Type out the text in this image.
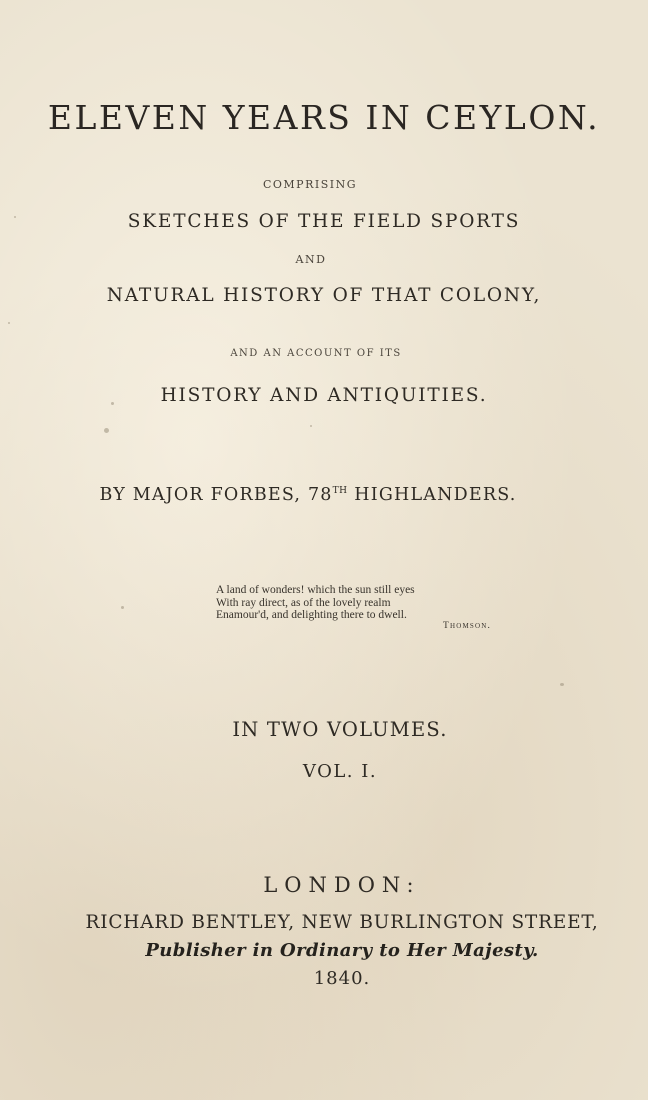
ELEVEN YEARS IN CEYLON.

COMPRISING

SKETCHES OF THE FIELD SPORTS

AND

NATURAL HISTORY OF THAT COLONY,

AND AN ACCOUNT OF ITS

HISTORY AND ANTIQUITIES.

BY MAJOR FORBES, 78TH HIGHLANDERS.

A land of wonders! which the sun still eyes
With ray direct, as of the lovely realm
Enamour'd, and delighting there to dwell.
Thomson.

IN TWO VOLUMES.

VOL. I.

LONDON:

RICHARD BENTLEY, NEW BURLINGTON STREET,

Publisher in Ordinary to Her Majesty.

1840.
